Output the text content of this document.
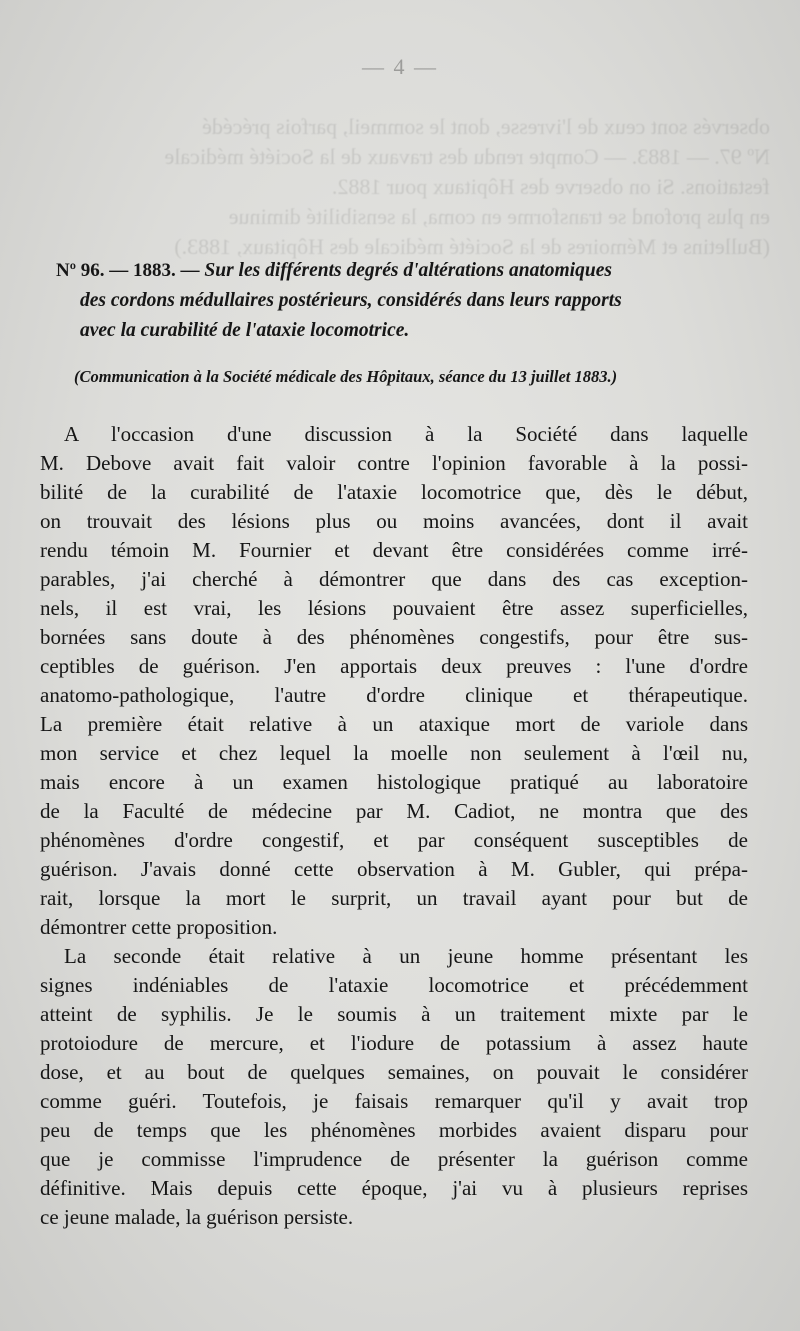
— 4 —
observés sont ceux de l'ivresse, dont le sommeil, parfois précédé
Nº 97. — 1883. — Compte rendu des travaux de la Société médicale
festations. Si on observe des Hôpitaux pour 1882.
en plus profond se transforme en coma, la sensibilité diminue
(Bulletins et Mémoires de la Société médicale des Hôpitaux, 1883.)
Nº 96. — 1883. — Sur les différents degrés d'altérations anatomiques
des cordons médullaires postérieurs, considérés dans leurs rapports
avec la curabilité de l'ataxie locomotrice.
(Communication à la Société médicale des Hôpitaux, séance du 13 juillet 1883.)

A l'occasion d'une discussion à la Société dans laquelle
M. Debove avait fait valoir contre l'opinion favorable à la possi-
bilité de la curabilité de l'ataxie locomotrice que, dès le début,
on trouvait des lésions plus ou moins avancées, dont il avait
rendu témoin M. Fournier et devant être considérées comme irré-
parables, j'ai cherché à démontrer que dans des cas exception-
nels, il est vrai, les lésions pouvaient être assez superficielles,
bornées sans doute à des phénomènes congestifs, pour être sus-
ceptibles de guérison. J'en apportais deux preuves : l'une d'ordre
anatomo-pathologique, l'autre d'ordre clinique et thérapeutique.
La première était relative à un ataxique mort de variole dans
mon service et chez lequel la moelle non seulement à l'œil nu,
mais encore à un examen histologique pratiqué au laboratoire
de la Faculté de médecine par M. Cadiot, ne montra que des
phénomènes d'ordre congestif, et par conséquent susceptibles de
guérison. J'avais donné cette observation à M. Gubler, qui prépa-
rait, lorsque la mort le surprit, un travail ayant pour but de
démontrer cette proposition.

La seconde était relative à un jeune homme présentant les
signes indéniables de l'ataxie locomotrice et précédemment
atteint de syphilis. Je le soumis à un traitement mixte par le
protoiodure de mercure, et l'iodure de potassium à assez haute
dose, et au bout de quelques semaines, on pouvait le considérer
comme guéri. Toutefois, je faisais remarquer qu'il y avait trop
peu de temps que les phénomènes morbides avaient disparu pour
que je commisse l'imprudence de présenter la guérison comme
définitive. Mais depuis cette époque, j'ai vu à plusieurs reprises
ce jeune malade, la guérison persiste.
